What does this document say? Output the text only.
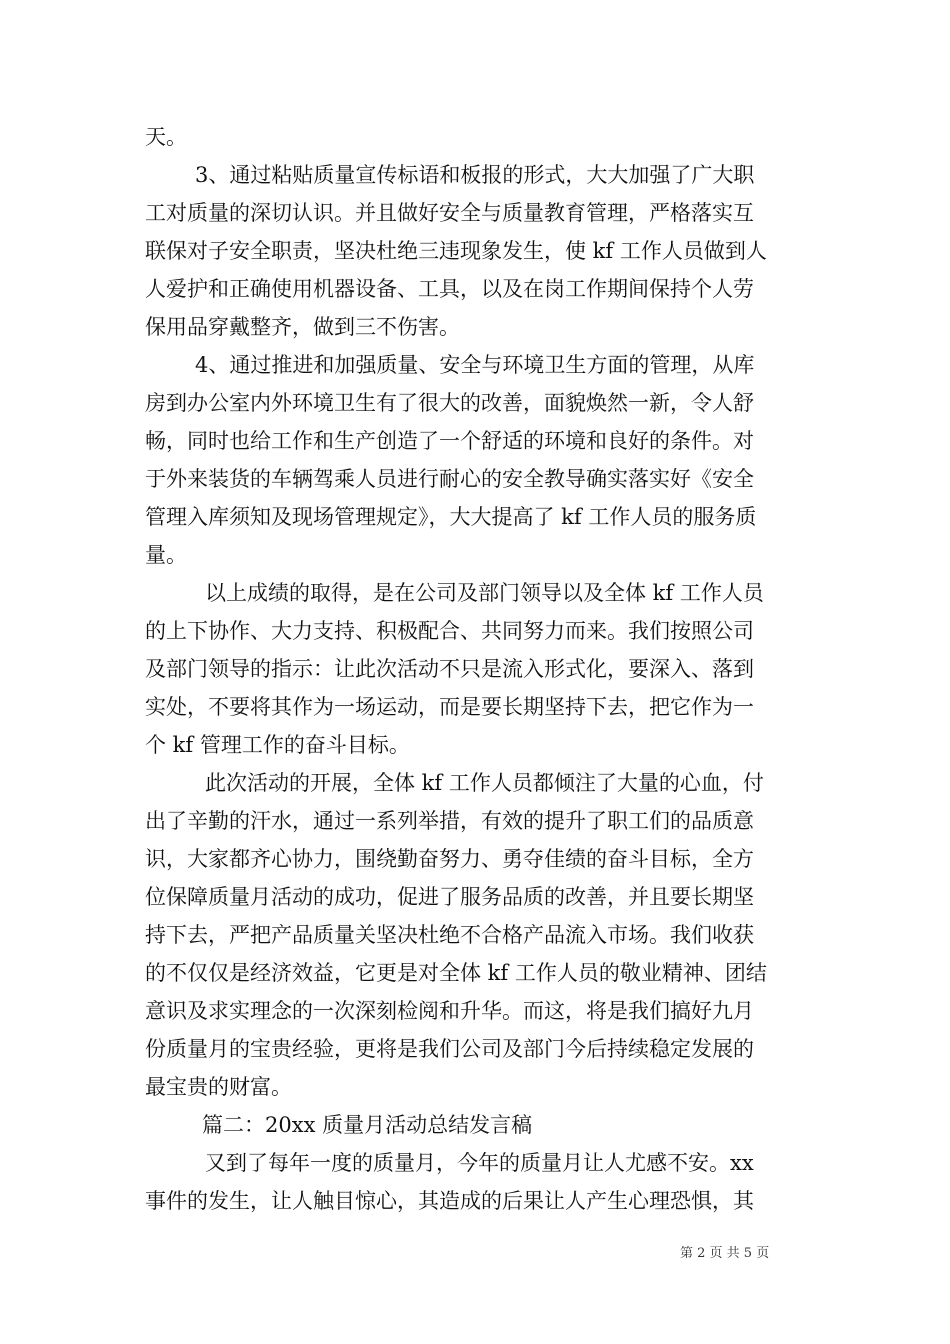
天。
3、通过粘贴质量宣传标语和板报的形式，大大加强了广大职
工对质量的深切认识。并且做好安全与质量教育管理，严格落实互
联保对子安全职责，坚决杜绝三违现象发生，使 kf 工作人员做到人
人爱护和正确使用机器设备、工具，以及在岗工作期间保持个人劳
保用品穿戴整齐，做到三不伤害。
4、通过推进和加强质量、安全与环境卫生方面的管理，从库
房到办公室内外环境卫生有了很大的改善，面貌焕然一新，令人舒
畅，同时也给工作和生产创造了一个舒适的环境和良好的条件。对
于外来装货的车辆驾乘人员进行耐心的安全教导确实落实好《安全
管理入库须知及现场管理规定》，大大提高了 kf 工作人员的服务质
量。
以上成绩的取得，是在公司及部门领导以及全体 kf 工作人员
的上下协作、大力支持、积极配合、共同努力而来。我们按照公司
及部门领导的指示：让此次活动不只是流入形式化，要深入、落到
实处，不要将其作为一场运动，而是要长期坚持下去，把它作为一
个 kf 管理工作的奋斗目标。
此次活动的开展，全体 kf 工作人员都倾注了大量的心血，付
出了辛勤的汗水，通过一系列举措，有效的提升了职工们的品质意
识，大家都齐心协力，围绕勤奋努力、勇夺佳绩的奋斗目标，全方
位保障质量月活动的成功，促进了服务品质的改善，并且要长期坚
持下去，严把产品质量关坚决杜绝不合格产品流入市场。我们收获
的不仅仅是经济效益，它更是对全体 kf 工作人员的敬业精神、团结
意识及求实理念的一次深刻检阅和升华。而这，将是我们搞好九月
份质量月的宝贵经验，更将是我们公司及部门今后持续稳定发展的
最宝贵的财富。
篇二：20xx 质量月活动总结发言稿
又到了每年一度的质量月，今年的质量月让人尤感不安。xx
事件的发生，让人触目惊心，其造成的后果让人产生心理恐惧，其
第 2 页 共 5 页
